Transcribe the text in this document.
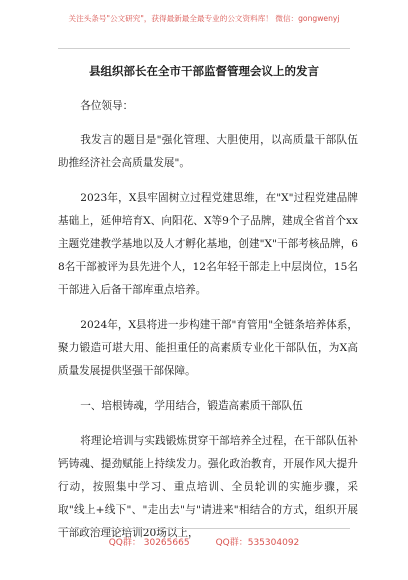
关注头条号"公文研究"，获得最新最全最专业的公文资料库！ 微信：gongwenyj
县组织部长在全市干部监督管理会议上的发言

各位领导：

我发言的题目是"强化管理、大胆使用，以高质量干部队伍助推经济社会高质量发展"。

2023年，X县牢固树立过程党建思维，在"X"过程党建品牌基础上，延伸培育X、向阳花、X等9个子品牌，建成全省首个xx主题党建教学基地以及人才孵化基地，创建"X"干部考核品牌，68名干部被评为县先进个人，12名年轻干部走上中层岗位，15名干部进入后备干部库重点培养。

2024年，X县将进一步构建干部"育管用"全链条培养体系，聚力锻造可堪大用、能担重任的高素质专业化干部队伍，为X高质量发展提供坚强干部保障。

一、培根铸魂，学用结合，锻造高素质干部队伍

将理论培训与实践锻炼贯穿干部培养全过程，在干部队伍补钙铸魂、提劲赋能上持续发力。强化政治教育，开展作风大提升行动，按照集中学习、重点培训、全员轮训的实施步骤，采取"线上+线下"、"走出去"与"请进来"相结合的方式，组织开展干部政治理论培训20场以上，

QQ群： 30265665	QQ群：535304092
